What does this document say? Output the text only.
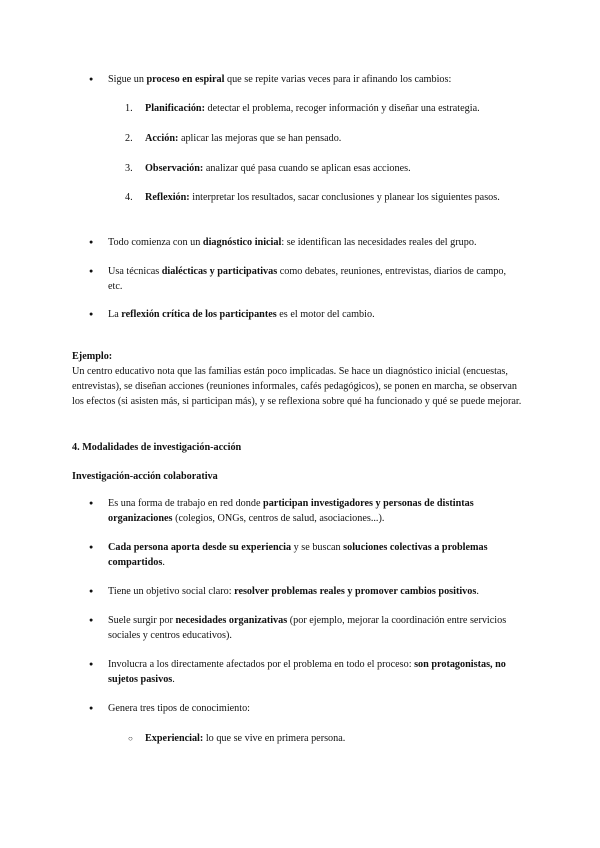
● Sigue un proceso en espiral que se repite varias veces para ir afinando los cambios:
1. Planificación: detectar el problema, recoger información y diseñar una estrategia.
2. Acción: aplicar las mejoras que se han pensado.
3. Observación: analizar qué pasa cuando se aplican esas acciones.
4. Reflexión: interpretar los resultados, sacar conclusiones y planear los siguientes pasos.
● Todo comienza con un diagnóstico inicial: se identifican las necesidades reales del grupo.
● Usa técnicas dialécticas y participativas como debates, reuniones, entrevistas, diarios de campo, etc.
● La reflexión crítica de los participantes es el motor del cambio.
Ejemplo:
Un centro educativo nota que las familias están poco implicadas. Se hace un diagnóstico inicial (encuestas, entrevistas), se diseñan acciones (reuniones informales, cafés pedagógicos), se ponen en marcha, se observan los efectos (si asisten más, si participan más), y se reflexiona sobre qué ha funcionado y qué se puede mejorar.
4. Modalidades de investigación-acción
Investigación-acción colaborativa
● Es una forma de trabajo en red donde participan investigadores y personas de distintas organizaciones (colegios, ONGs, centros de salud, asociaciones...).
● Cada persona aporta desde su experiencia y se buscan soluciones colectivas a problemas compartidos.
● Tiene un objetivo social claro: resolver problemas reales y promover cambios positivos.
● Suele surgir por necesidades organizativas (por ejemplo, mejorar la coordinación entre servicios sociales y centros educativos).
● Involucra a los directamente afectados por el problema en todo el proceso: son protagonistas, no sujetos pasivos.
● Genera tres tipos de conocimiento:
○ Experiencial: lo que se vive en primera persona.
